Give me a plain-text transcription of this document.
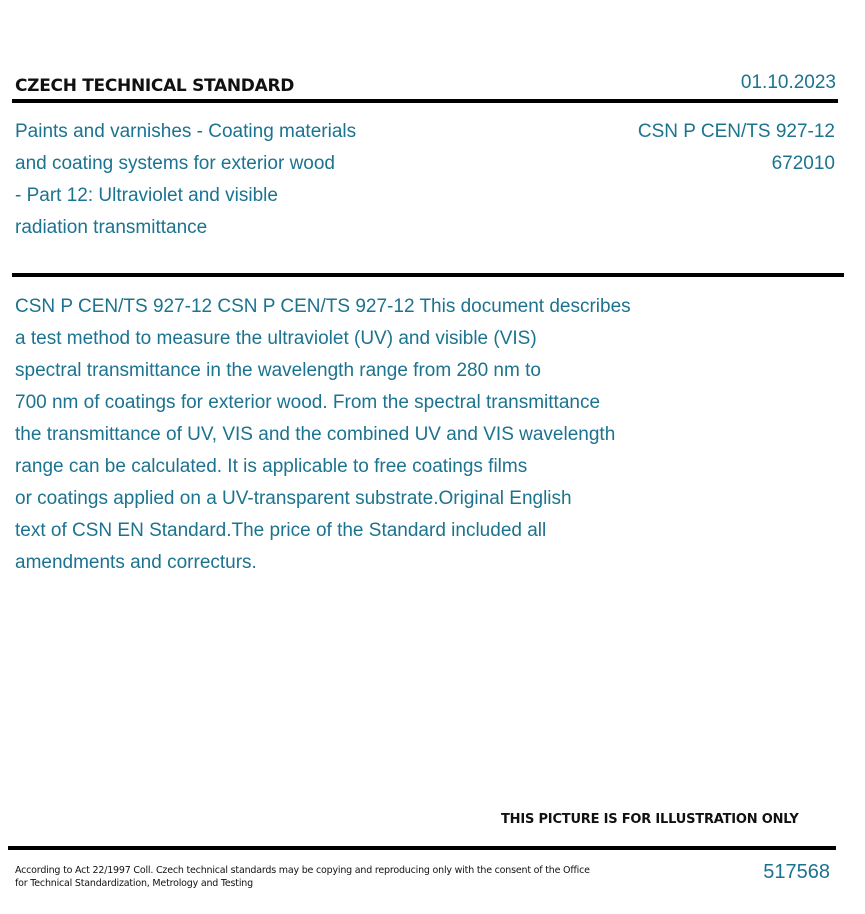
CZECH TECHNICAL STANDARD	01.10.2023
Paints and varnishes - Coating materials
and coating systems for exterior wood
- Part 12: Ultraviolet and visible
radiation transmittance
CSN P CEN/TS 927-12
672010
CSN P CEN/TS 927-12 CSN P CEN/TS 927-12 This document describes
a test method to measure the ultraviolet (UV) and visible (VIS)
spectral transmittance in the wavelength range from 280 nm to
700 nm of coatings for exterior wood. From the spectral transmittance
the transmittance of UV, VIS and the combined UV and VIS wavelength
range can be calculated. It is applicable to free coatings films
or coatings applied on a UV-transparent substrate.Original English
text of CSN EN Standard.The price of the Standard included all
amendments and correcturs.
THIS PICTURE IS FOR ILLUSTRATION ONLY
According to Act 22/1997 Coll. Czech technical standards may be copying and reproducing only with the consent of the Office
for Technical Standardization, Metrology and Testing
517568
